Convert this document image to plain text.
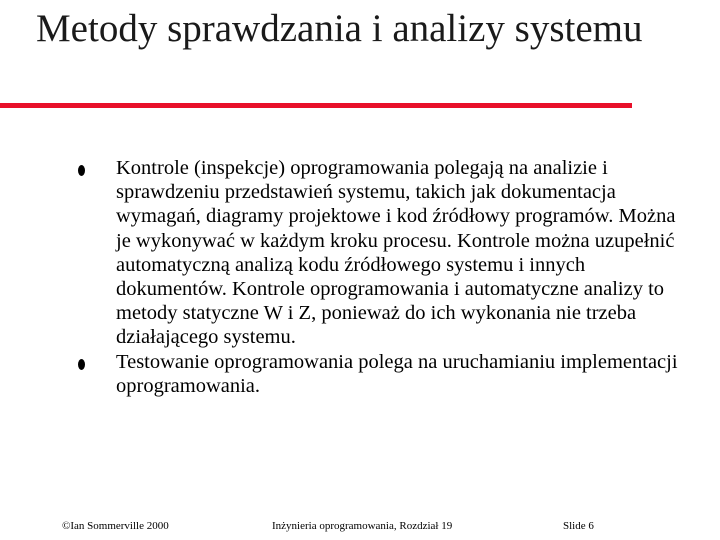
Metody sprawdzania i analizy systemu
Kontrole (inspekcje) oprogramowania polegają na analizie i sprawdzeniu przedstawień systemu, takich jak dokumentacja wymagań, diagramy projektowe i kod źródłowy programów. Można je wykonywać w każdym kroku procesu. Kontrole można uzupełnić automatyczną analizą kodu źródłowego systemu i innych dokumentów. Kontrole oprogramowania i automatyczne analizy to metody statyczne W i Z, ponieważ do ich wykonania nie trzeba działającego systemu.
Testowanie oprogramowania polega na uruchamianiu implementacji oprogramowania.
©Ian Sommerville 2000	Inżynieria oprogramowania, Rozdział 19	Slide 6
